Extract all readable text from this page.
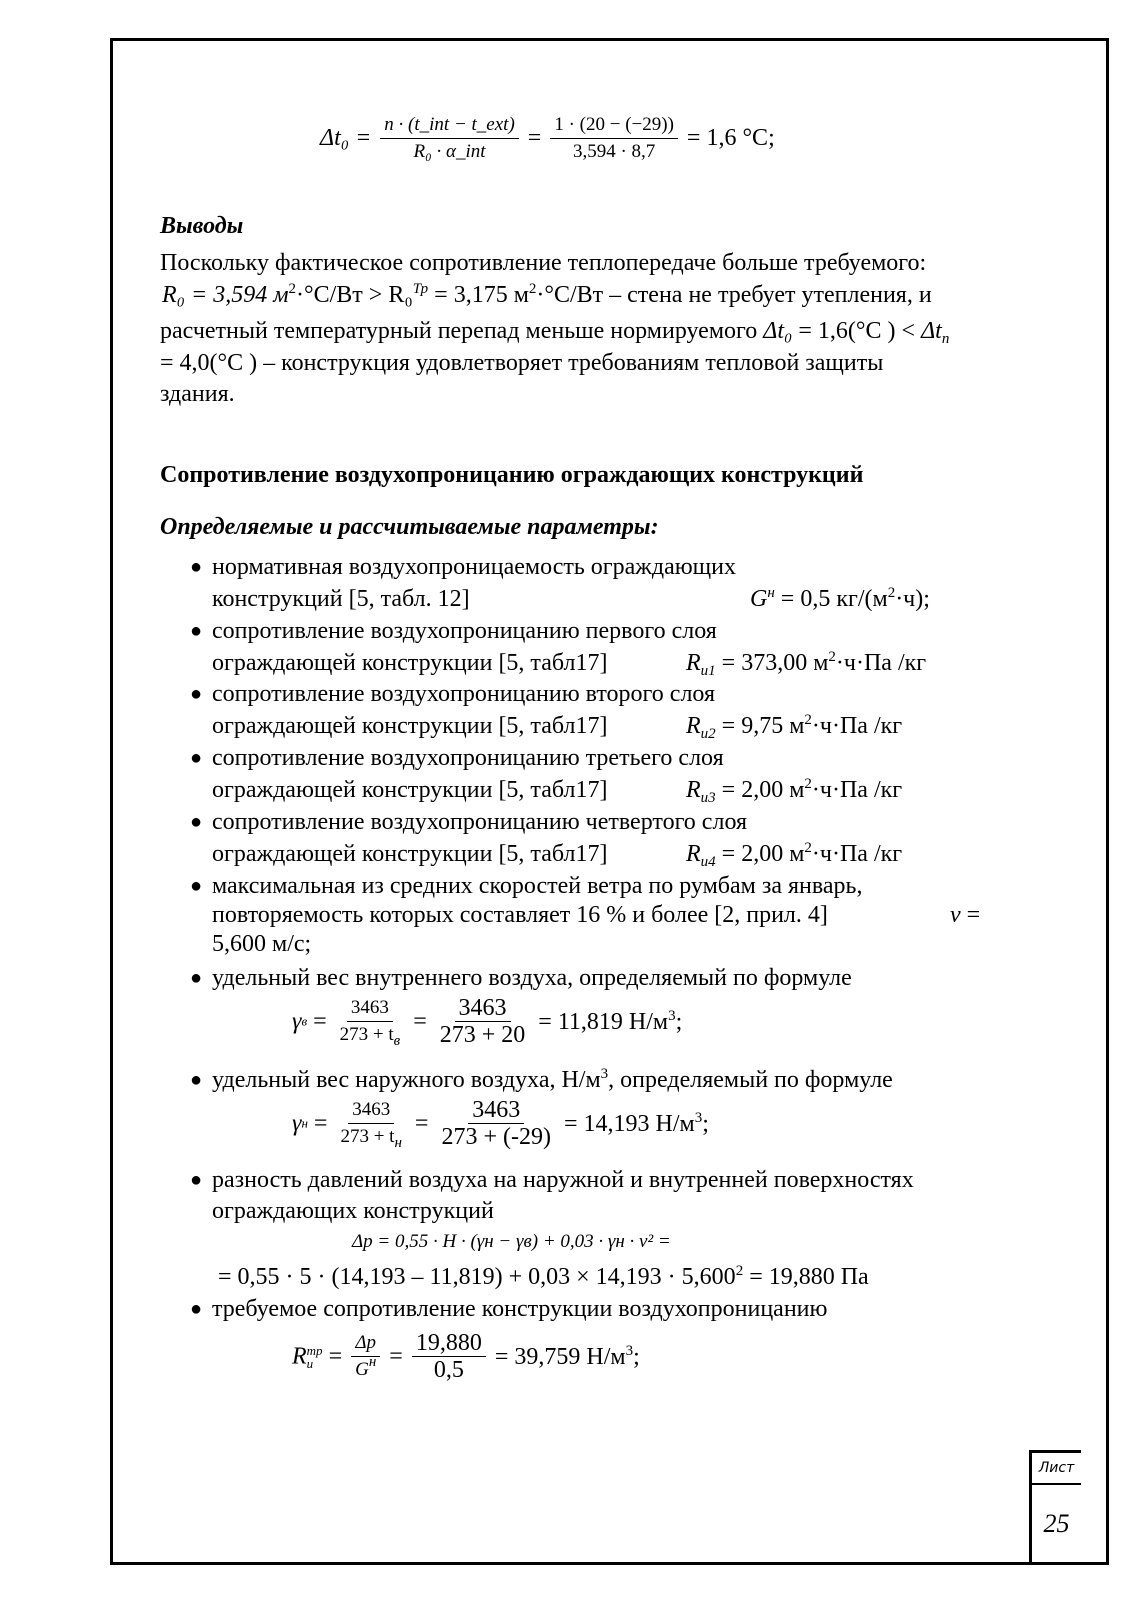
$\Delta t_0 = \frac{\text{n · (t\_int − t\_ext)}}{\text{R₀ · α\_int}} = \frac{1 \cdot (20 - (-29))}{3,594 \cdot 8,7} = 1,6$ °С;
Выводы
Поскольку фактическое сопротивление теплопередаче больше требуемого:
R₀ = 3,594 $м^2\cdot^\circ С/Вт > R_0^{Тр} = 3,175$ $м^2\cdot^\circ С/Вт$ – стена не требует утепления, и
расчетный температурный перепад меньше нормируемого Δt₀ = 1,6(°С ) < $\Delta t_n$
= 4,0(°С ) – конструкция удовлетворяет требованиям тепловой защиты
здания.
Сопротивление воздухопроницанию ограждающих конструкций
Определяемые и рассчитываемые параметры:
● нормативная воздухопроницаемость ограждающих
конструкций [5, табл. 12]	$G^н = 0,5$ $кг/(м^2\cdot ч)$;
● сопротивление воздухопроницанию первого слоя
ограждающей конструкции [5, табл17]	$R_{и1} = 373,00$ $м^2\cdot ч\cdot Па$ /кг
● сопротивление воздухопроницанию второго слоя
ограждающей конструкции [5, табл17]	$R_{и2} = 9,75$ $м^2\cdot ч\cdot Па$ /кг
● сопротивление воздухопроницанию третьего слоя
ограждающей конструкции [5, табл17]	$R_{и3} = 2,00$ $м^2\cdot ч\cdot Па$ /кг
● сопротивление воздухопроницанию четвертого слоя
ограждающей конструкции [5, табл17]	$R_{и4} = 2,00$ $м^2\cdot ч\cdot Па$ /кг
● максимальная из средних скоростей ветра по румбам за январь,
повторяемость которых составляет 16 % и более [2, прил. 4]	v =
5,600 м/с;
● удельный вес внутреннего воздуха, определяемый по формуле
$\gamma в = \frac{3463}{273 + t_в} = \frac{3463}{273 + 20} = 11,819$ $Н/м^3$;
● удельный вес наружного воздуха, $Н/м^3$, определяемый по формуле
$\gamma н = \frac{3463}{273 + t_н} = \frac{3463}{273 + (-29)} = 14,193$ $Н/м^3$;
● разность давлений воздуха на наружной и внутренней поверхностях
ограждающих конструкций
Δp = 0,55 · H · (γн − γв) + 0,03 · γн · v² =
= $0,55 \cdot 5 \cdot (14,193 - 11,819) + 0,03 \times 14,193 \cdot 5,600^2 = 19,880$ Па
● требуемое сопротивление конструкции воздухопроницанию
R тр
$и = \frac{\Delta p}{G^н} = \frac{19,880}{0,5} = 39,759$ $Н/м^3$;
Лист
25
